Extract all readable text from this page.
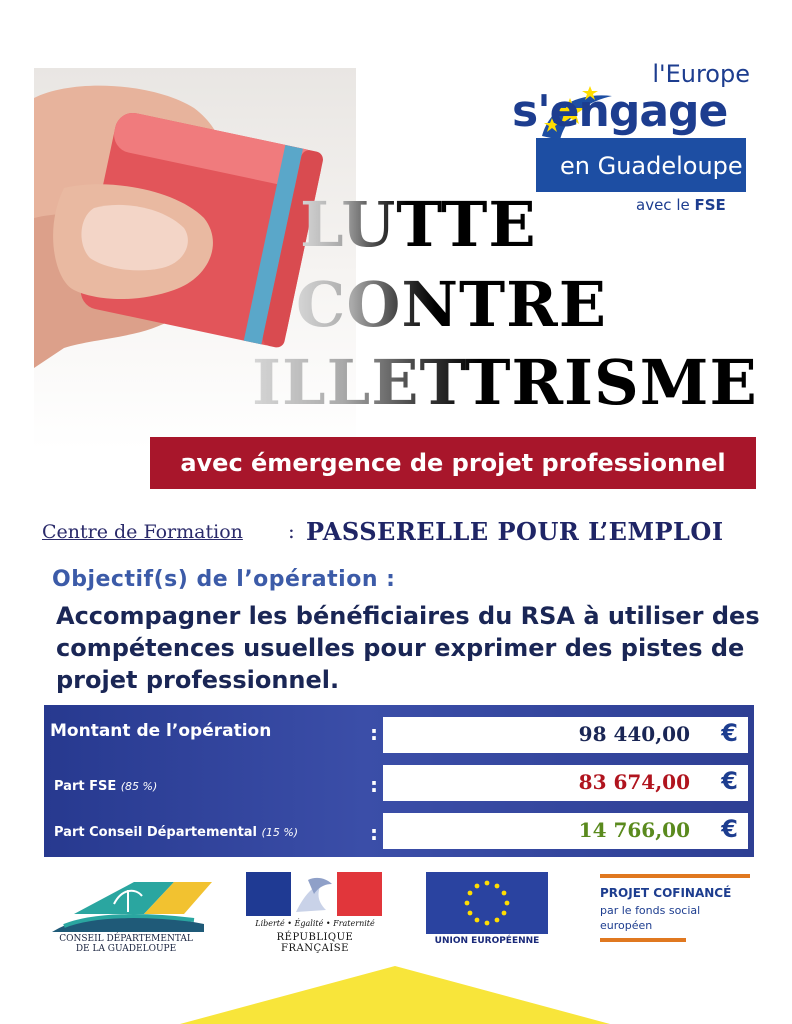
l'Europe
s'engage
en Guadeloupe
avec le FSE
LUTTE
CONTRE
ILLETTRISME
avec émergence de projet professionnel
Centre de Formation : PASSERELLE POUR L’EMPLOI
Objectif(s) de l’opération :
Accompagner les bénéficiaires du RSA à utiliser des compétences usuelles pour exprimer des pistes de projet professionnel.
Montant de l’opération	:	98 440,00 €
Part FSE (85 %)	:	83 674,00 €
Part Conseil Départemental (15 %)	:	14 766,00 €
CONSEIL DÉPARTEMENTAL
DE LA GUADELOUPE
Liberté • Égalité • Fraternité
RÉPUBLIQUE FRANÇAISE
UNION EUROPÉENNE
PROJET COFINANCÉ
par le fonds social
européen
